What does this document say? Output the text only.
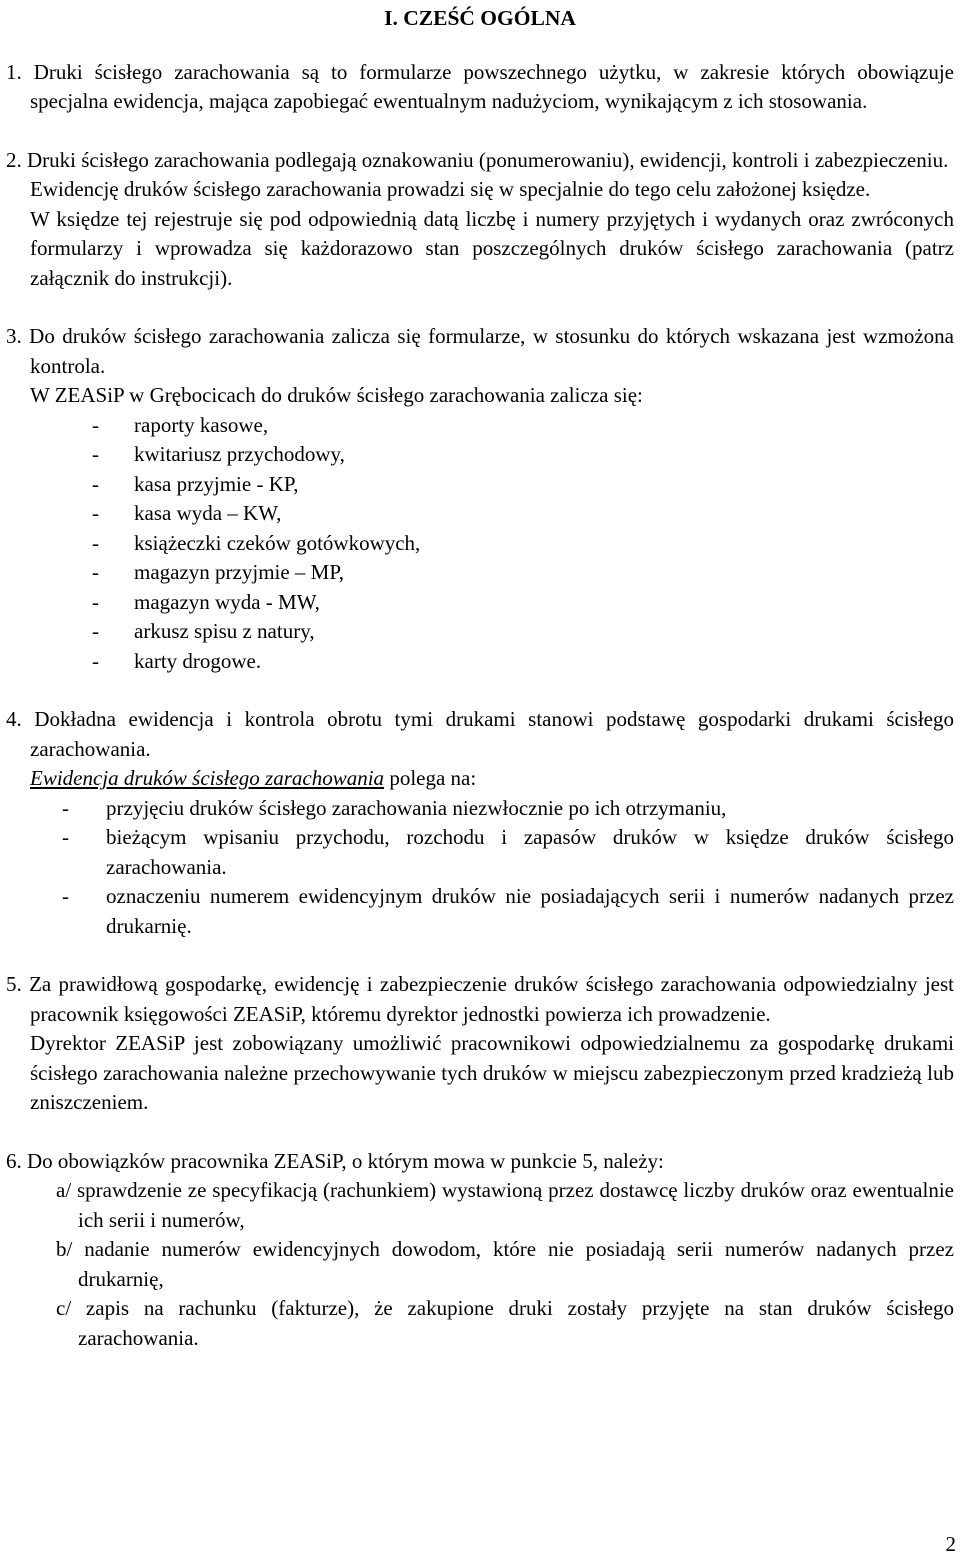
I. CZEŚĆ OGÓLNA
1. Druki ścisłego zarachowania są to formularze powszechnego użytku, w zakresie których obowiązuje specjalna ewidencja, mająca zapobiegać ewentualnym nadużyciom, wynikającym z ich stosowania.
2. Druki ścisłego zarachowania podlegają oznakowaniu (ponumerowaniu), ewidencji, kontroli i zabezpieczeniu.
Ewidencję druków ścisłego zarachowania prowadzi się w specjalnie do tego celu założonej księdze.
W księdze tej rejestruje się pod odpowiednią datą liczbę i numery przyjętych i wydanych oraz zwróconych formularzy i wprowadza się każdorazowo stan poszczególnych druków ścisłego zarachowania (patrz załącznik do instrukcji).
3. Do druków ścisłego zarachowania zalicza się formularze, w stosunku do których wskazana jest wzmożona kontrola.
W ZEASiP w Grębocicach do druków ścisłego zarachowania zalicza się:
- raporty kasowe,
- kwitariusz przychodowy,
- kasa przyjmie - KP,
- kasa wyda – KW,
- książeczki czeków gotówkowych,
- magazyn przyjmie – MP,
- magazyn wyda - MW,
- arkusz spisu z natury,
- karty drogowe.
4. Dokładna ewidencja i kontrola obrotu tymi drukami stanowi podstawę gospodarki drukami ścisłego zarachowania.
Ewidencja druków ścisłego zarachowania polega na:
- przyjęciu druków ścisłego zarachowania niezwłocznie po ich otrzymaniu,
- bieżącym wpisaniu przychodu, rozchodu i zapasów druków w księdze druków ścisłego zarachowania.
- oznaczeniu numerem ewidencyjnym druków nie posiadających serii i numerów nadanych przez drukarnię.
5. Za prawidłową gospodarkę, ewidencję i zabezpieczenie druków ścisłego zarachowania odpowiedzialny jest pracownik księgowości ZEASiP, któremu dyrektor jednostki powierza ich prowadzenie.
Dyrektor ZEASiP jest zobowiązany umożliwić pracownikowi odpowiedzialnemu za gospodarkę drukami ścisłego zarachowania należne przechowywanie tych druków w miejscu zabezpieczonym przed kradzieżą lub zniszczeniem.
6. Do obowiązków pracownika ZEASiP, o którym mowa w punkcie 5, należy:
a/ sprawdzenie ze specyfikacją (rachunkiem) wystawioną przez dostawcę liczby druków oraz ewentualnie ich serii i numerów,
b/ nadanie numerów ewidencyjnych dowodom, które nie posiadają serii numerów nadanych przez drukarnię,
c/ zapis na rachunku (fakturze), że zakupione druki zostały przyjęte na stan druków ścisłego zarachowania.
2
